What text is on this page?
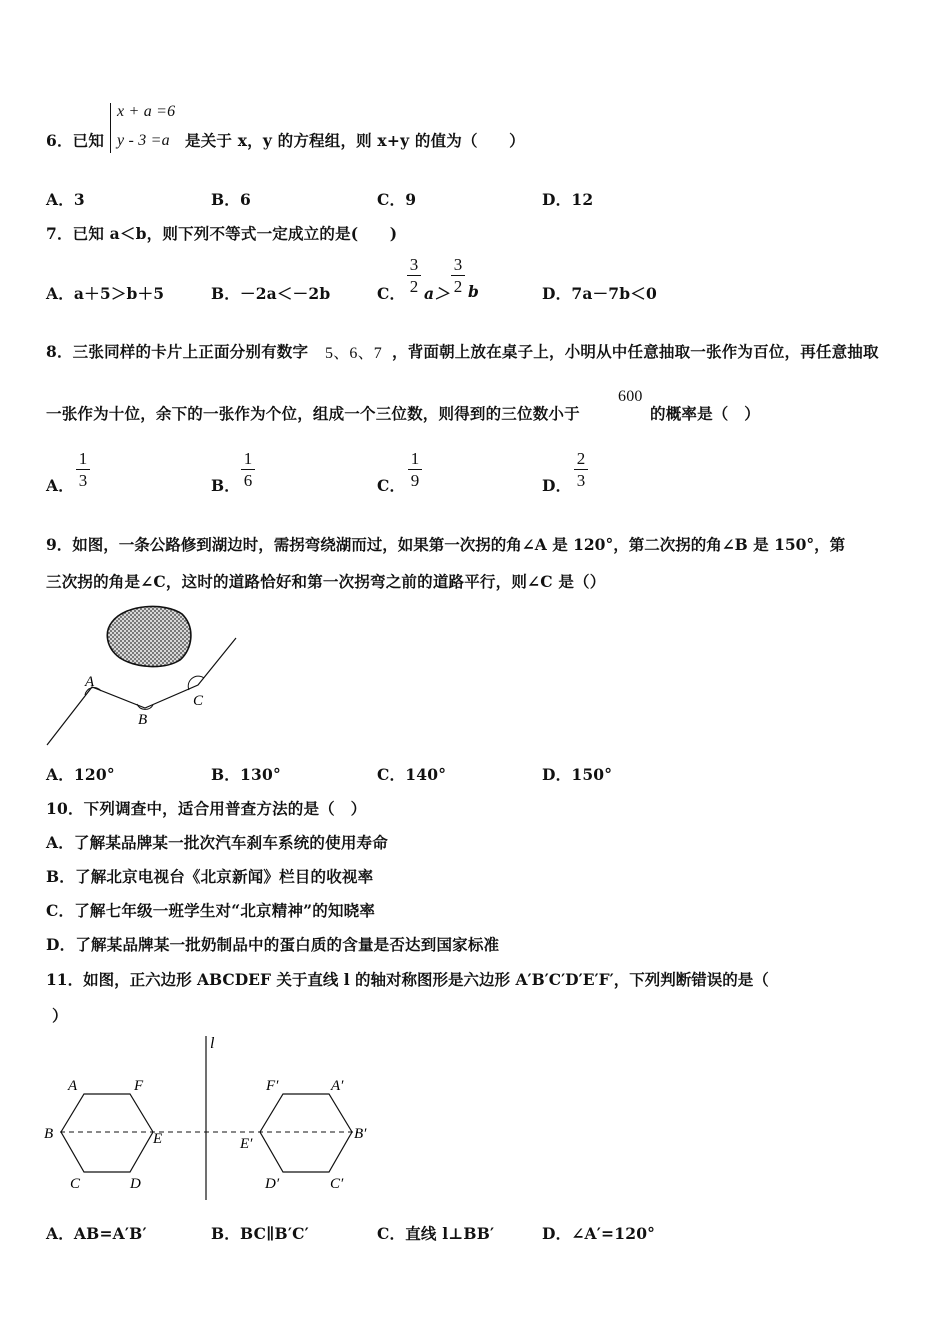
6．已知
x + a =6
y - 3 =a 是关于 x，y 的方程组，则 x+y 的值为（　　）
A．3	B．6	C．9	D．12
7．已知 a＜b，则下列不等式一定成立的是(　　)
A．a＋5＞b＋5	B．－2a＜－2b	C．
3
2 a＞
3
2 b	D．7a－7b＜0
8．三张同样的卡片上正面分别有数字 5、6、7 ，背面朝上放在桌子上，小明从中任意抽取一张作为百位，再任意抽取
一张作为十位，余下的一张作为个位，组成一个三位数，则得到的三位数小于
600
的概率是（　）
A．
1
3	B．
1
6	C．
1
9	D．
2
3
9．如图，一条公路修到湖边时，需拐弯绕湖而过，如果第一次拐的角∠A 是 120°，第二次拐的角∠B 是 150°，第
三次拐的角是∠C，这时的道路恰好和第一次拐弯之前的道路平行，则∠C 是（）
A
B
C
A．120°	B．130°	C．140°	D．150°
10．下列调查中，适合用普查方法的是（　）
A．了解某品牌某一批次汽车刹车系统的使用寿命
B．了解北京电视台《北京新闻》栏目的收视率
C．了解七年级一班学生对“北京精神”的知晓率
D．了解某品牌某一批奶制品中的蛋白质的含量是否达到国家标准
11．如图，正六边形 ABCDEF 关于直线 l 的轴对称图形是六边形 A′B′C′D′E′F′，下列判断错误的是（
）
l
A	F
B	E
C	D
F′	A′
E′
B′
D′	C′
A．AB=A′B′	B．BC∥B′C′	C．直线 l⊥BB′	D．∠A′=120°
